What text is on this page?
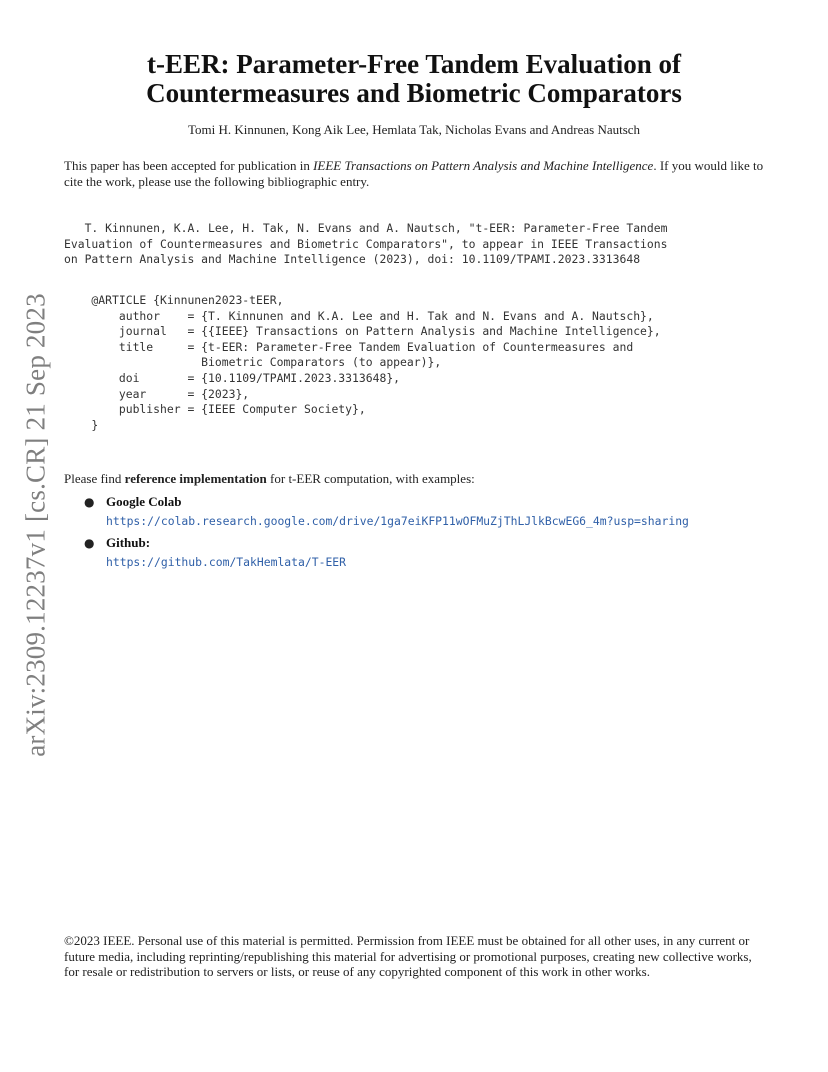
arXiv:2309.12237v1 [cs.CR] 21 Sep 2023
t-EER: Parameter-Free Tandem Evaluation of
Countermeasures and Biometric Comparators
Tomi H. Kinnunen, Kong Aik Lee, Hemlata Tak, Nicholas Evans and Andreas Nautsch
This paper has been accepted for publication in IEEE Transactions on Pattern Analysis and Machine Intelligence. If you would like to cite the work, please use the following bibliographic entry.
T. Kinnunen, K.A. Lee, H. Tak, N. Evans and A. Nautsch, "t-EER: Parameter-Free Tandem
Evaluation of Countermeasures and Biometric Comparators", to appear in IEEE Transactions
on Pattern Analysis and Machine Intelligence (2023), doi: 10.1109/TPAMI.2023.3313648
@ARTICLE {Kinnunen2023-tEER,
author    = {T. Kinnunen and K.A. Lee and H. Tak and N. Evans and A. Nautsch},
journal   = {{IEEE} Transactions on Pattern Analysis and Machine Intelligence},
title     = {t-EER: Parameter-Free Tandem Evaluation of Countermeasures and
Biometric Comparators (to appear)},
doi       = {10.1109/TPAMI.2023.3313648},
year      = {2023},
publisher = {IEEE Computer Society},
}
Please find reference implementation for t-EER computation, with examples:
● Google Colab
https://colab.research.google.com/drive/1ga7eiKFP11wOFMuZjThLJlkBcwEG6_4m?usp=sharing
● Github:
https://github.com/TakHemlata/T-EER
©2023 IEEE. Personal use of this material is permitted. Permission from IEEE must be obtained for all other uses, in any current or future media, including reprinting/republishing this material for advertising or promotional purposes, creating new collective works, for resale or redistribution to servers or lists, or reuse of any copyrighted component of this work in other works.
